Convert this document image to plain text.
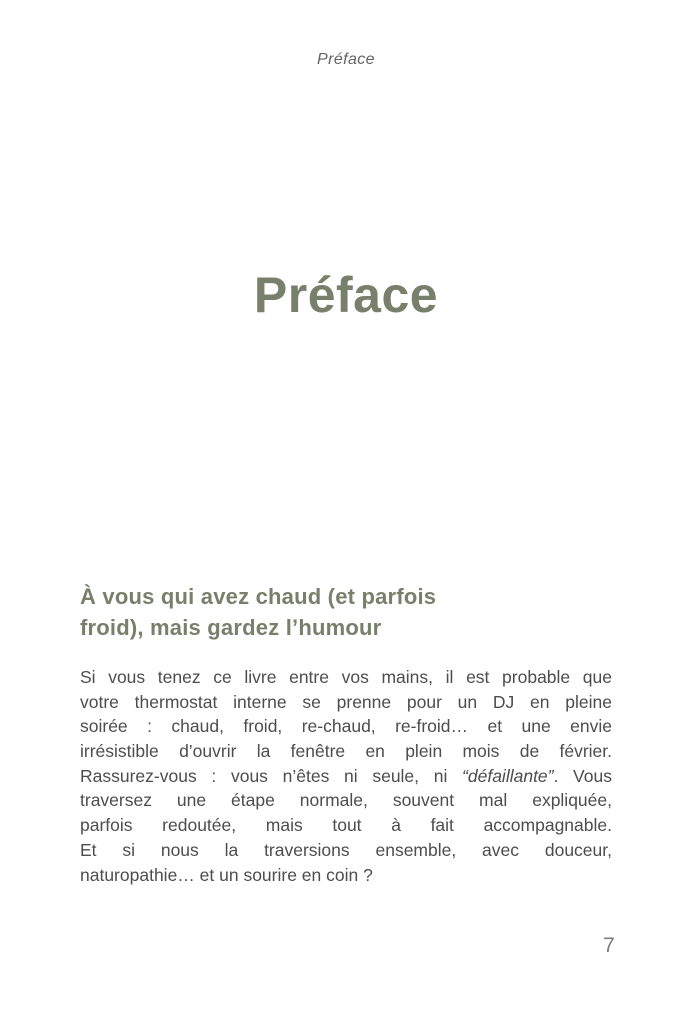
Préface
Préface
À vous qui avez chaud (et parfois
froid), mais gardez l’humour
Si vous tenez ce livre entre vos mains, il est probable que
votre thermostat interne se prenne pour un DJ en pleine
soirée : chaud, froid, re-chaud, re-froid… et une envie
irrésistible d’ouvrir la fenêtre en plein mois de février.
Rassurez-vous : vous n’êtes ni seule, ni “défaillante”. Vous
traversez une étape normale, souvent mal expliquée,
parfois redoutée, mais tout à fait accompagnable.
Et si nous la traversions ensemble, avec douceur,
naturopathie… et un sourire en coin ?
7
